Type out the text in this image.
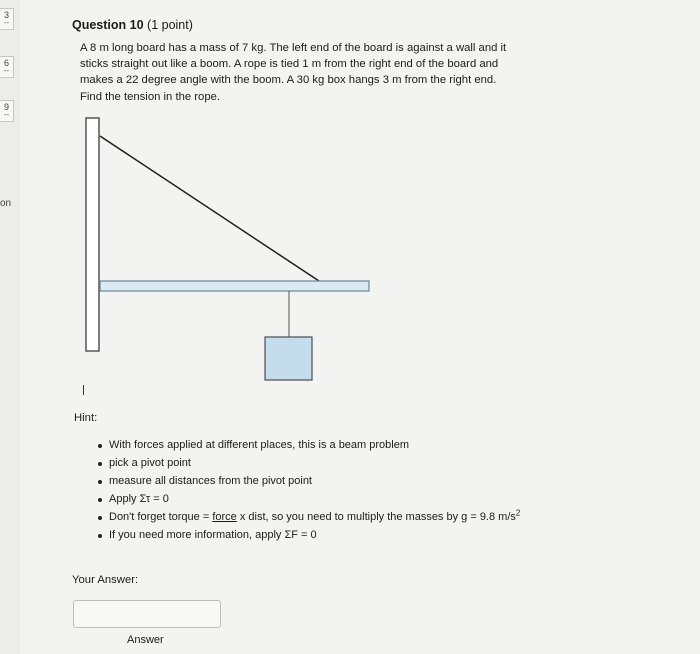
3
--
6
--
9
--
on

Question 10 (1 point)

A 8 m long board has a mass of 7 kg. The left end of the board is against a wall and it sticks straight out like a boom. A rope is tied 1 m from the right end of the board and makes a 22 degree angle with the boom. A 30 kg box hangs 3 m from the right end. Find the tension in the rope.

Hint:

With forces applied at different places, this is a beam problem
pick a pivot point
measure all distances from the pivot point
Apply Στ = 0
Don't forget torque = force x dist, so you need to multiply the masses by g = 9.8 $m/s^2$
If you need more information, apply ΣF = 0

Your Answer:

Answer
